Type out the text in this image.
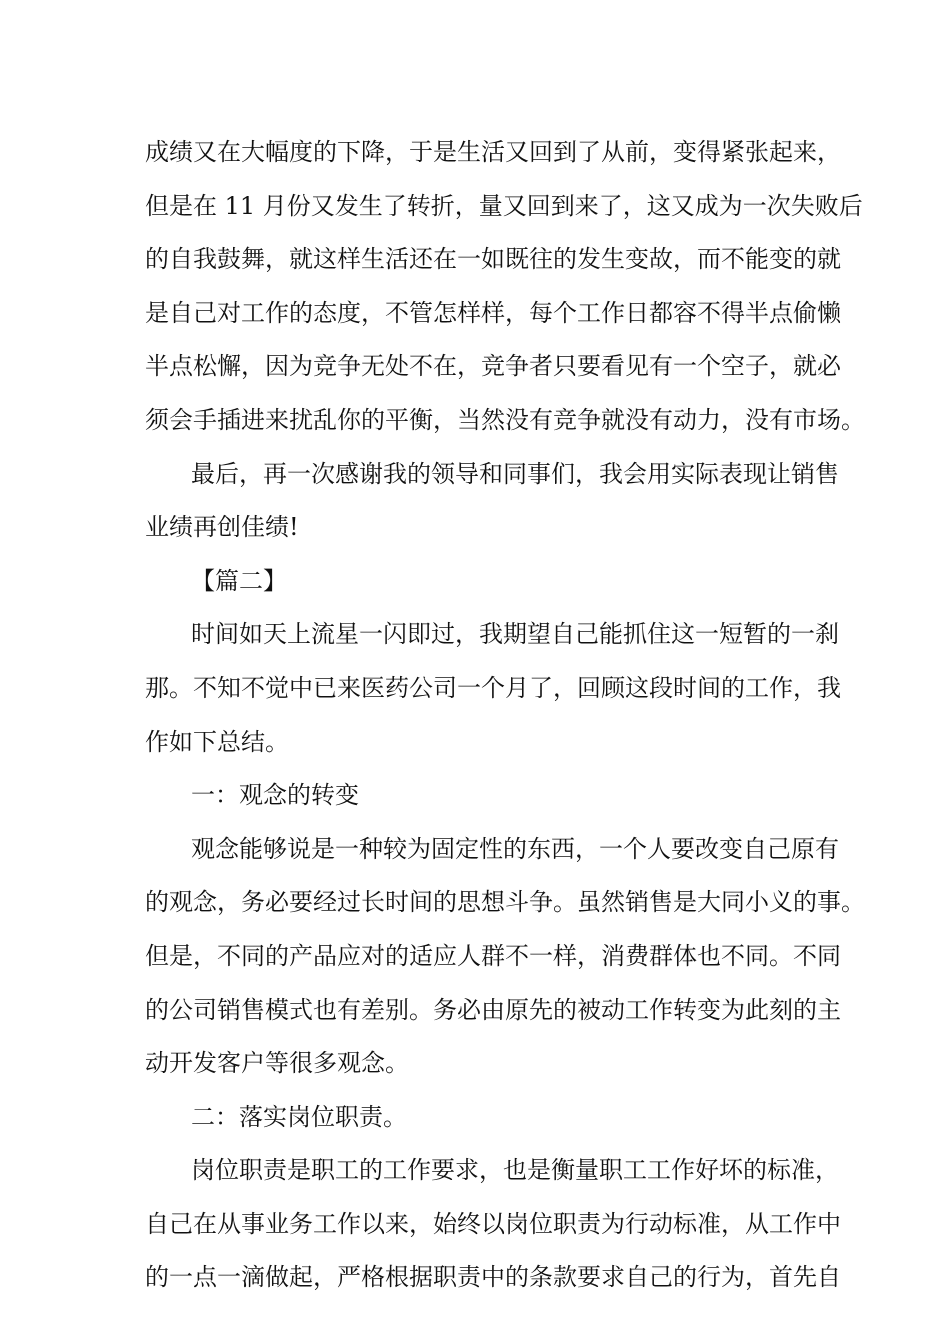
成绩又在大幅度的下降，于是生活又回到了从前，变得紧张起来，
但是在 11 月份又发生了转折，量又回到来了，这又成为一次失败后
的自我鼓舞，就这样生活还在一如既往的发生变故，而不能变的就
是自己对工作的态度，不管怎样样，每个工作日都容不得半点偷懒
半点松懈，因为竞争无处不在，竞争者只要看见有一个空子，就必
须会手插进来扰乱你的平衡，当然没有竞争就没有动力，没有市场。
最后，再一次感谢我的领导和同事们，我会用实际表现让销售
业绩再创佳绩!
【篇二】
时间如天上流星一闪即过，我期望自己能抓住这一短暂的一刹
那。不知不觉中已来医药公司一个月了，回顾这段时间的工作，我
作如下总结。
一：观念的转变
观念能够说是一种较为固定性的东西，一个人要改变自己原有
的观念，务必要经过长时间的思想斗争。虽然销售是大同小义的事。
但是，不同的产品应对的适应人群不一样，消费群体也不同。不同
的公司销售模式也有差别。务必由原先的被动工作转变为此刻的主
动开发客户等很多观念。
二：落实岗位职责。
岗位职责是职工的工作要求，也是衡量职工工作好坏的标准，
自己在从事业务工作以来，始终以岗位职责为行动标准，从工作中
的一点一滴做起，严格根据职责中的条款要求自己的行为，首先自
